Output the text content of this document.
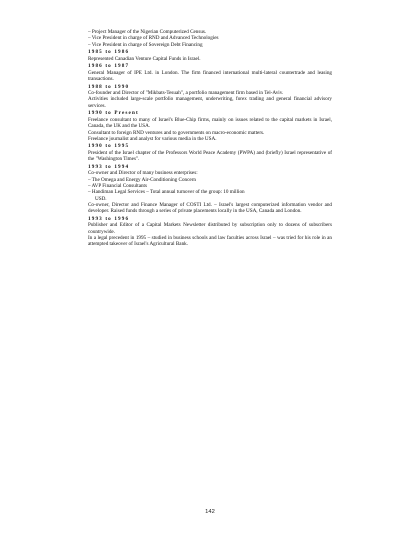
– Project Manager of the Nigerian Computerized Census.
– Vice President in charge of RND and Advanced Technologies
– Vice President in charge of Sovereign Debt Financing
1985 to 1986
Represented Canadian Venture Capital Funds in Israel.
1986 to 1987
General Manager of IPE Ltd. in London. The firm financed international multi-lateral countertrade and leasing transactions.
1988 to 1990
Co-founder and Director of "Mikbats-Tesuah", a portfolio management firm based in Tel-Aviv.
Activities included large-scale portfolio management, underwriting, forex trading and general financial advisory services.
1990 to Present
Freelance consultant to many of Israel's Blue-Chip firms, mainly on issues related to the capital markets in Israel, Canada, the UK and the USA.
Consultant to foreign RND ventures and to governments on macro-economic matters.
Freelance journalist and analyst for various media in the USA.
1990 to 1995
President of the Israel chapter of the Professors World Peace Academy (PWPA) and (briefly) Israel representative of the "Washington Times".
1993 to 1994
Co-owner and Director of many business enterprises:
– The Omega and Energy Air-Conditioning Concern
– AVP Financial Consultants
– Handiman Legal Services – Total annual turnover of the group: 10 million
USD.
Co-owner, Director and Finance Manager of COSTI Ltd. – Israel's largest computerized information vendor and developer. Raised funds through a series of private placements locally in the USA, Canada and London.
1993 to 1996
Publisher and Editor of a Capital Markets Newsletter distributed by subscription only to dozens of subscribers countrywide.
In a legal precedent in 1995 – studied in business schools and law faculties across Israel – was tried for his role in an attempted takeover of Israel's Agricultural Bank.
142
